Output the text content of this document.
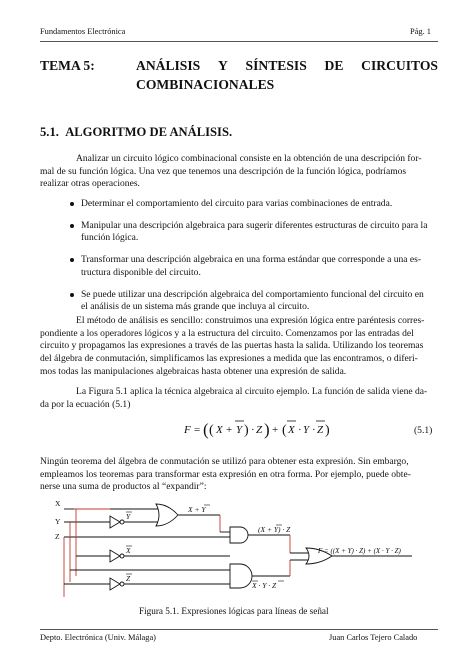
Fundamentos Electrónica	Pág. 1
TEMA 5:	ANÁLISIS Y SÍNTESIS DE CIRCUITOS
COMBINACIONALES
5.1. ALGORITMO DE ANÁLISIS.
Analizar un circuito lógico combinacional consiste en la obtención de una descripción for-
mal de su función lógica. Una vez que tenemos una descripción de la función lógica, podríamos
realizar otras operaciones.
Determinar el comportamiento del circuito para varias combinaciones de entrada.
Manipular una descripción algebraica para sugerir diferentes estructuras de circuito para la
función lógica.
Transformar una descripción algebraica en una forma estándar que corresponde a una es-
tructura disponible del circuito.
Se puede utilizar una descripción algebraica del comportamiento funcional del circuito en
el análisis de un sistema más grande que incluya al circuito.
El método de análisis es sencillo: construimos una expresión lógica entre paréntesis corres-
pondiente a los operadores lógicos y a la estructura del circuito. Comenzamos por las entradas del
circuito y propagamos las expresiones a través de las puertas hasta la salida. Utilizando los teoremas
del álgebra de conmutación, simplificamos las expresiones a medida que las encontramos, o diferi-
mos todas las manipulaciones algebraicas hasta obtener una expresión de salida.
La Figura 5.1 aplica la técnica algebraica al circuito ejemplo. La función de salida viene da-
da por la ecuación (5.1)
F = ( ( X + Y ) · Z ) + ( X · Y · Z )	(5.1)
Ningún teorema del álgebra de conmutación se utilizó para obtener esta expresión. Sin embargo,
empleamos los teoremas para transformar esta expresión en otra forma. Por ejemplo, puede obte-
nerse una suma de productos al “expandir”:
X
Y
Z
Y
X + Y
(X + Y) · Z
X
Z
X · Y · Z
F = ((X + Y) · Z) + (X · Y · Z)
Figura 5.1. Expresiones lógicas para líneas de señal
Depto. Electrónica (Univ. Málaga)	Juan Carlos Tejero Calado
